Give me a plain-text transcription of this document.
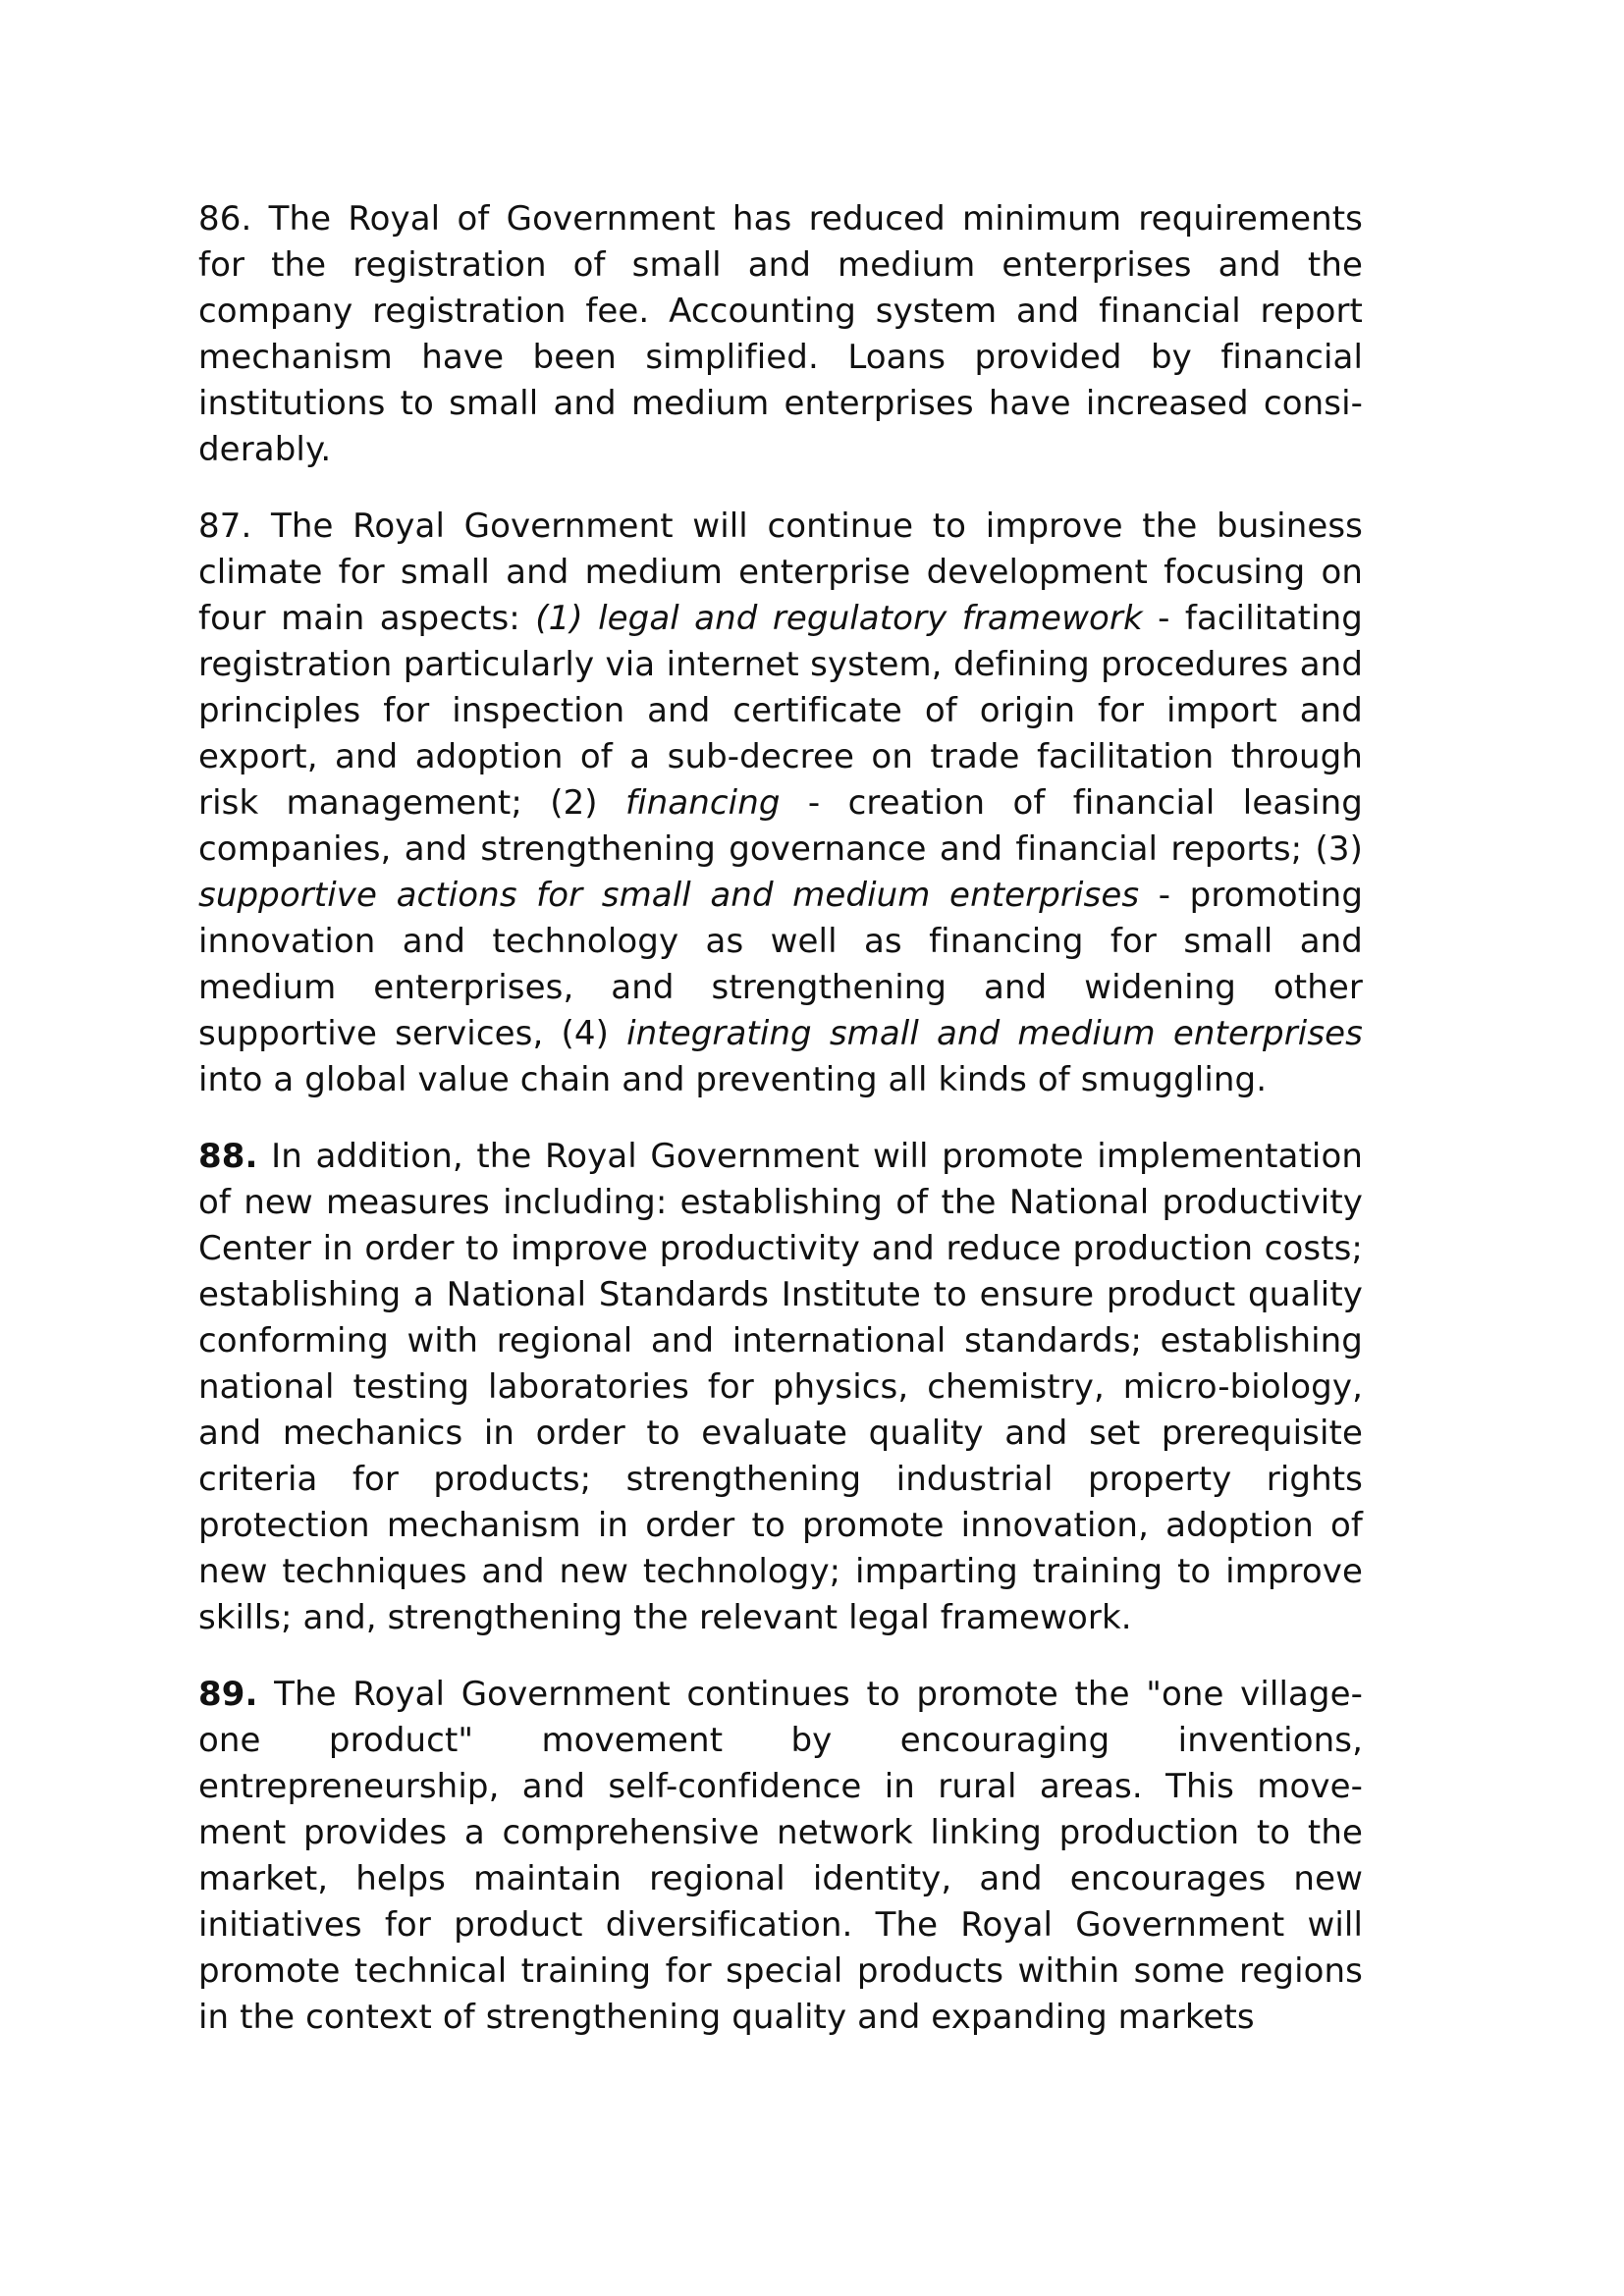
86. The Royal of Government has reduced minimum requirements for the registration of small and medium enterprises and the company registration fee. Accounting system and financial report mechanism have been simplified. Loans provided by financial institutions to small and medium enterprises have increased consi-derably.

87. The Royal Government will continue to improve the business climate for small and medium enterprise development focusing on four main aspects: (1) legal and regulatory framework - facilitating registration particularly via internet system, defining procedures and principles for inspection and certificate of origin for import and export, and adoption of a sub-decree on trade facilitation through risk management; (2) financing - creation of financial leasing companies, and strengthening governance and financial reports; (3) supportive actions for small and medium enterprises - promoting innovation and technology as well as financing for small and medium enterprises, and strengthening and widening other supportive services, (4) integrating small and medium enterprises into a global value chain and preventing all kinds of smuggling.

88. In addition, the Royal Government will promote implementation of new measures including: establishing of the National productivity Center in order to improve productivity and reduce production costs; establishing a National Standards Institute to ensure product quality conforming with regional and international standards; establishing national testing laboratories for physics, chemistry, micro-biology, and mechanics in order to evaluate quality and set prerequisite criteria for products; strengthening industrial property rights protection mechanism in order to promote innovation, adoption of new techniques and new technology; imparting training to improve skills; and, strengthening the relevant legal framework.

89. The Royal Government continues to promote the "one village-one product" movement by encouraging inventions, entrepreneurship, and self-confidence in rural areas. This move-ment provides a comprehensive network linking production to the market, helps maintain regional identity, and encourages new initiatives for product diversification. The Royal Government will promote technical training for special products within some regions in the context of strengthening quality and expanding markets
